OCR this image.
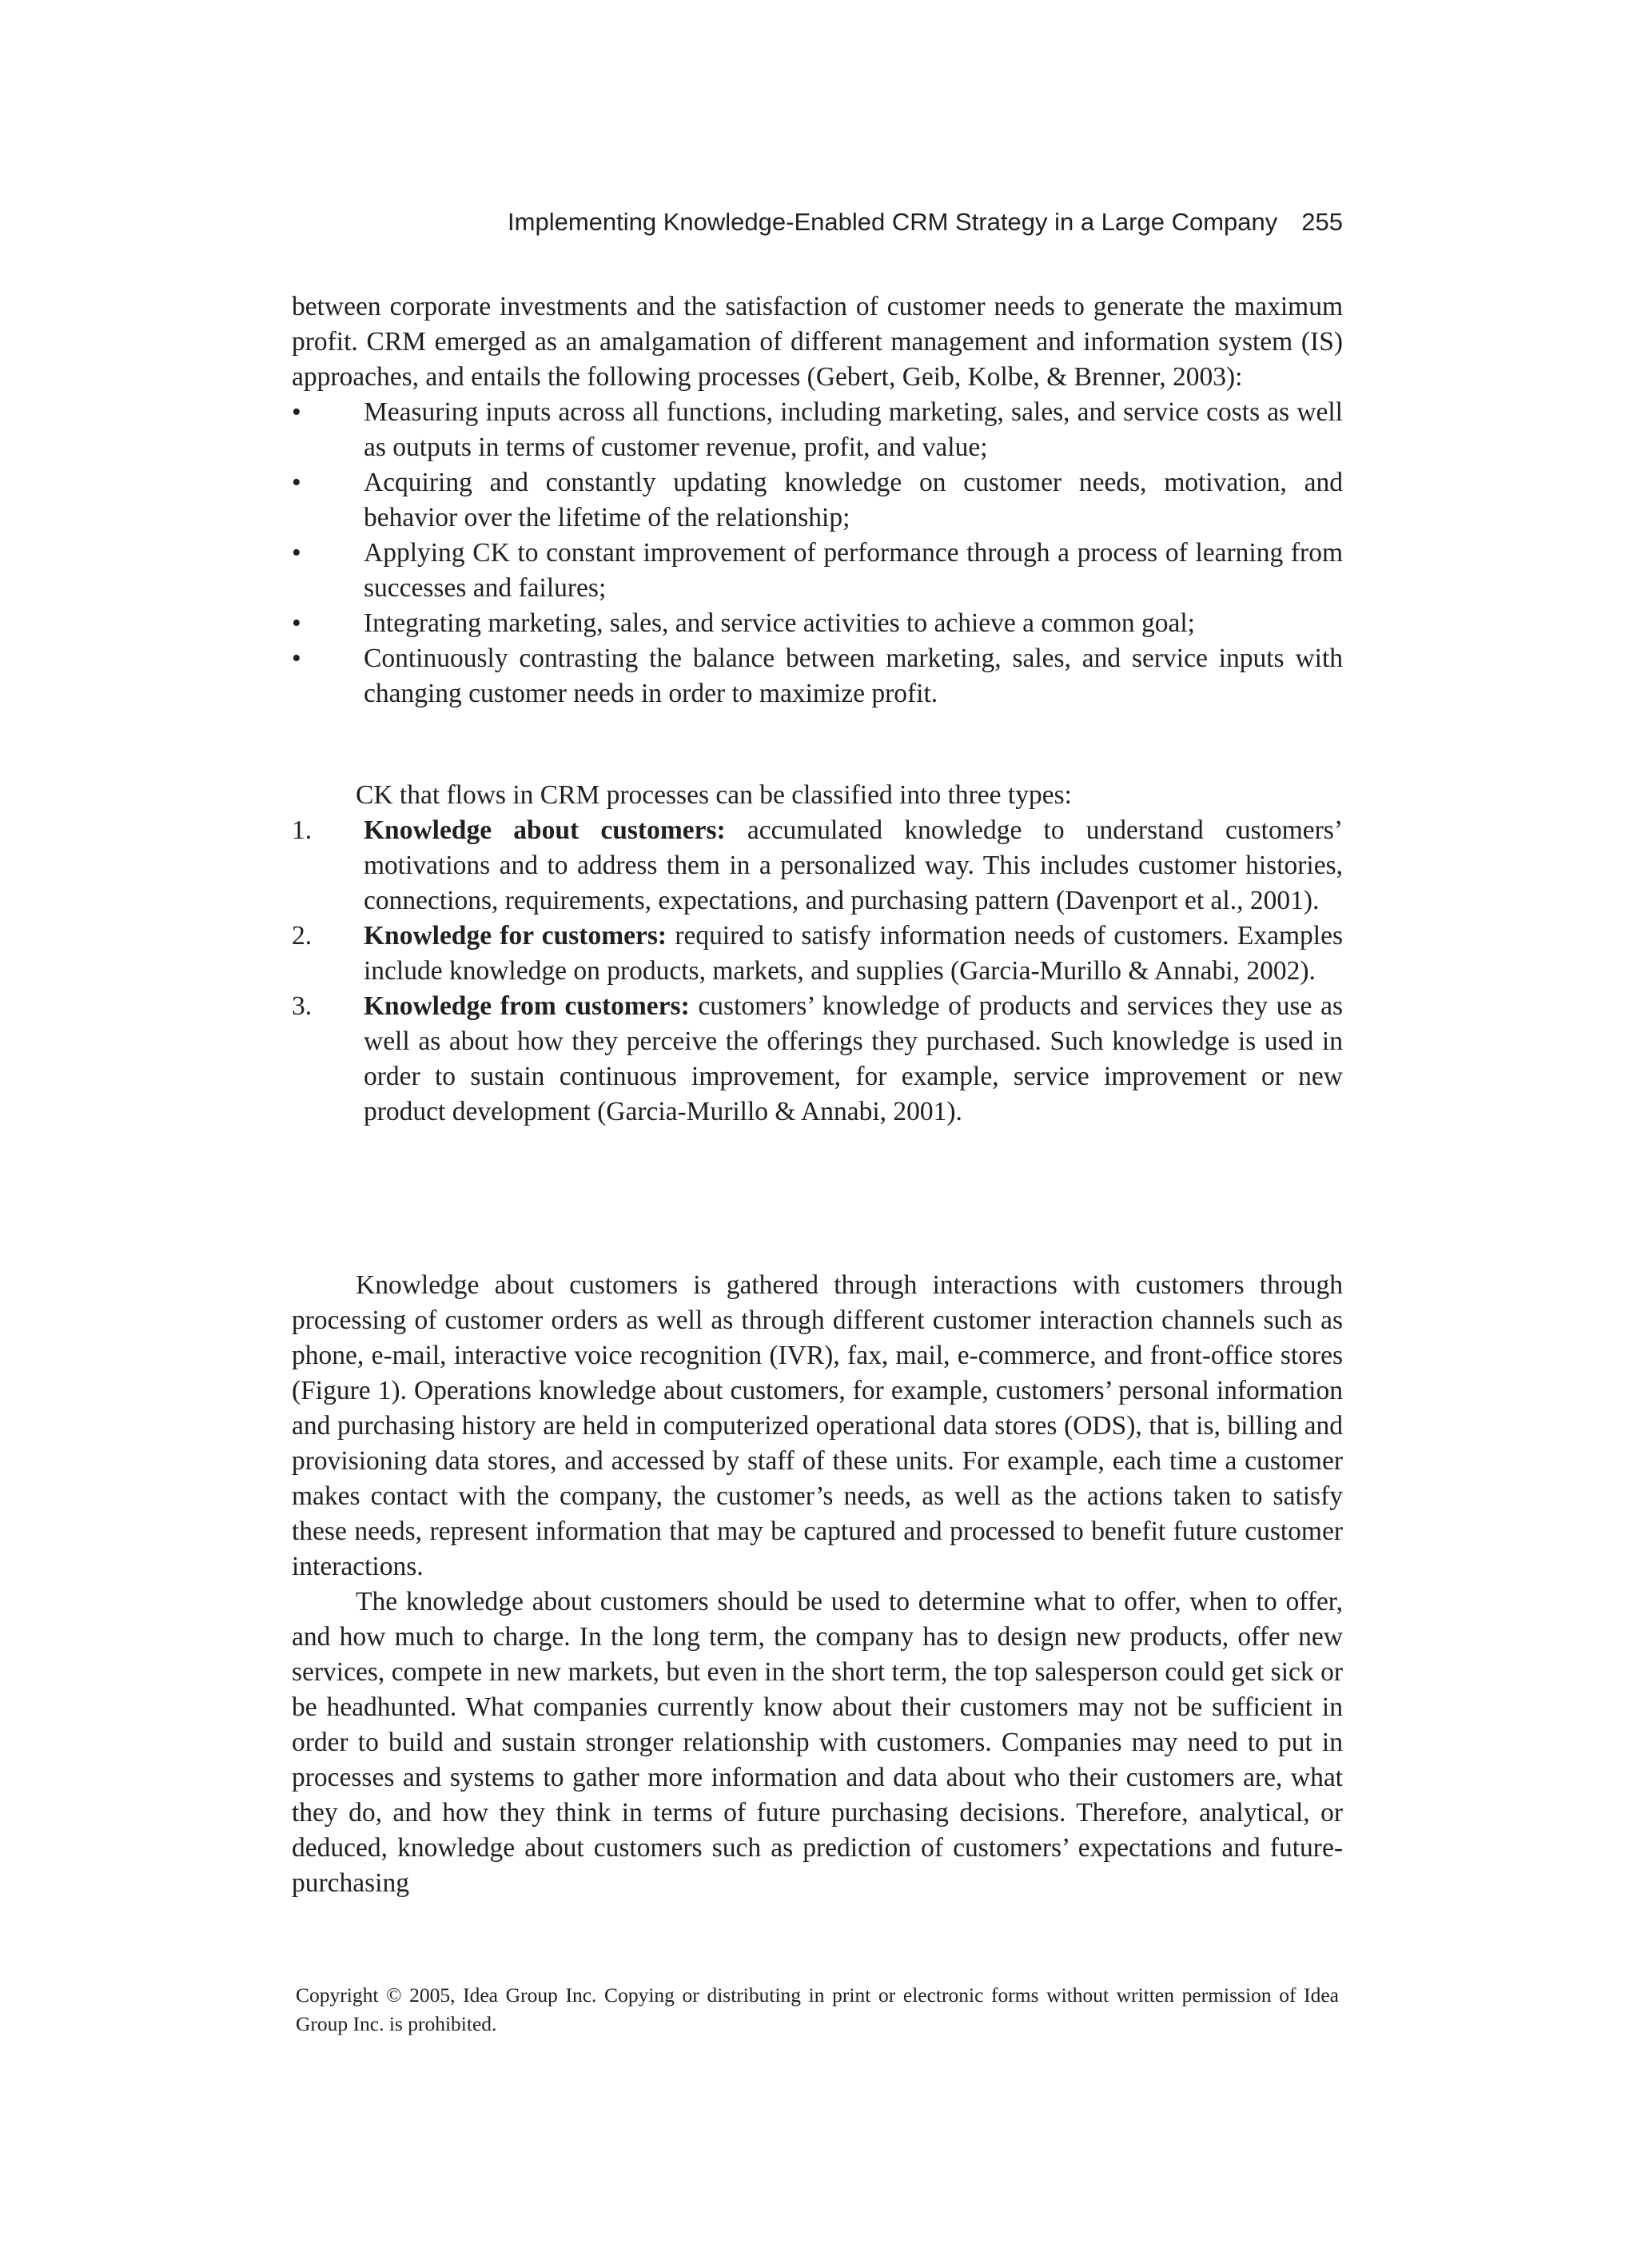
Implementing Knowledge-Enabled CRM Strategy in a Large Company 255

between corporate investments and the satisfaction of customer needs to generate the maximum profit. CRM emerged as an amalgamation of different management and information system (IS) approaches, and entails the following processes (Gebert, Geib, Kolbe, & Brenner, 2003):

•	Measuring inputs across all functions, including marketing, sales, and service costs as well as outputs in terms of customer revenue, profit, and value;
•	Acquiring and constantly updating knowledge on customer needs, motivation, and behavior over the lifetime of the relationship;
•	Applying CK to constant improvement of performance through a process of learning from successes and failures;
•	Integrating marketing, sales, and service activities to achieve a common goal;
•	Continuously contrasting the balance between marketing, sales, and service inputs with changing customer needs in order to maximize profit.

CK that flows in CRM processes can be classified into three types:

1.	Knowledge about customers: accumulated knowledge to understand customers’ motivations and to address them in a personalized way. This includes customer histories, connections, requirements, expectations, and purchasing pattern (Davenport et al., 2001).
2.	Knowledge for customers: required to satisfy information needs of customers. Examples include knowledge on products, markets, and supplies (Garcia-Murillo & Annabi, 2002).
3.	Knowledge from customers: customers’ knowledge of products and services they use as well as about how they perceive the offerings they purchased. Such knowledge is used in order to sustain continuous improvement, for example, service improvement or new product development (Garcia-Murillo & Annabi, 2001).

Knowledge about customers is gathered through interactions with customers through processing of customer orders as well as through different customer interaction channels such as phone, e-mail, interactive voice recognition (IVR), fax, mail, e-commerce, and front-office stores (Figure 1). Operations knowledge about customers, for example, customers’ personal information and purchasing history are held in computerized operational data stores (ODS), that is, billing and provisioning data stores, and accessed by staff of these units. For example, each time a customer makes contact with the company, the customer’s needs, as well as the actions taken to satisfy these needs, represent information that may be captured and processed to benefit future customer interactions.

The knowledge about customers should be used to determine what to offer, when to offer, and how much to charge. In the long term, the company has to design new products, offer new services, compete in new markets, but even in the short term, the top salesperson could get sick or be headhunted. What companies currently know about their customers may not be sufficient in order to build and sustain stronger relationship with customers. Companies may need to put in processes and systems to gather more information and data about who their customers are, what they do, and how they think in terms of future purchasing decisions. Therefore, analytical, or deduced, knowledge about customers such as prediction of customers’ expectations and future-purchasing

Copyright © 2005, Idea Group Inc. Copying or distributing in print or electronic forms without written permission of Idea Group Inc. is prohibited.
